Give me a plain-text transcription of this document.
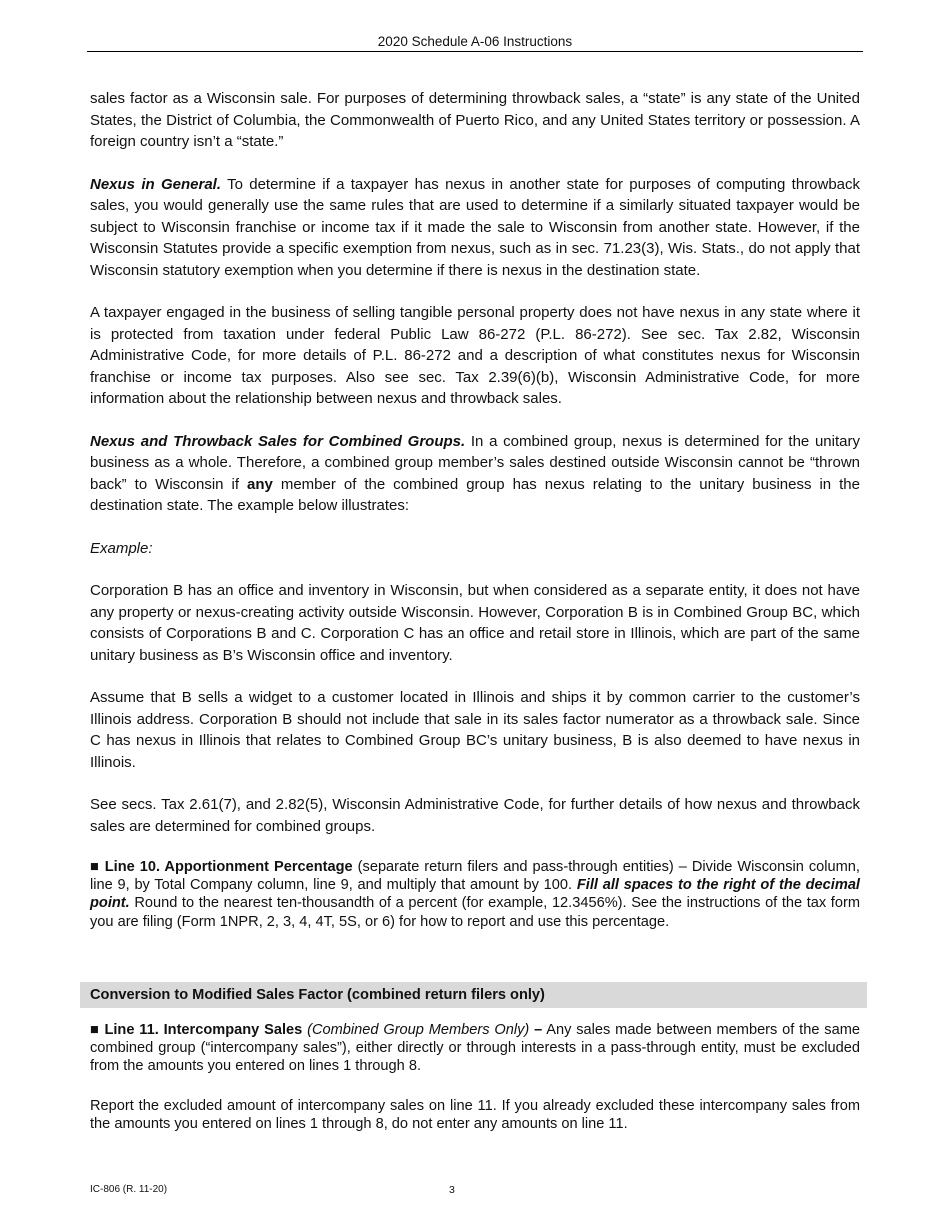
2020 Schedule A-06 Instructions

sales factor as a Wisconsin sale. For purposes of determining throwback sales, a “state” is any state of the United States, the District of Columbia, the Commonwealth of Puerto Rico, and any United States territory or possession. A foreign country isn’t a “state.”

Nexus in General. To determine if a taxpayer has nexus in another state for purposes of computing throwback sales, you would generally use the same rules that are used to determine if a similarly situated taxpayer would be subject to Wisconsin franchise or income tax if it made the sale to Wisconsin from another state. However, if the Wisconsin Statutes provide a specific exemption from nexus, such as in sec. 71.23(3), Wis. Stats., do not apply that Wisconsin statutory exemption when you determine if there is nexus in the destination state.

A taxpayer engaged in the business of selling tangible personal property does not have nexus in any state where it is protected from taxation under federal Public Law 86-272 (P.L. 86-272). See sec. Tax 2.82, Wisconsin Administrative Code, for more details of P.L. 86-272 and a description of what constitutes nexus for Wisconsin franchise or income tax purposes. Also see sec. Tax 2.39(6)(b), Wisconsin Administrative Code, for more information about the relationship between nexus and throwback sales.

Nexus and Throwback Sales for Combined Groups. In a combined group, nexus is determined for the unitary business as a whole. Therefore, a combined group member’s sales destined outside Wisconsin cannot be “thrown back” to Wisconsin if any member of the combined group has nexus relating to the unitary business in the destination state. The example below illustrates:

Example:

Corporation B has an office and inventory in Wisconsin, but when considered as a separate entity, it does not have any property or nexus-creating activity outside Wisconsin. However, Corporation B is in Combined Group BC, which consists of Corporations B and C. Corporation C has an office and retail store in Illinois, which are part of the same unitary business as B’s Wisconsin office and inventory.

Assume that B sells a widget to a customer located in Illinois and ships it by common carrier to the customer’s Illinois address. Corporation B should not include that sale in its sales factor numerator as a throwback sale. Since C has nexus in Illinois that relates to Combined Group BC’s unitary business, B is also deemed to have nexus in Illinois.

See secs. Tax 2.61(7), and 2.82(5), Wisconsin Administrative Code, for further details of how nexus and throwback sales are determined for combined groups.

■ Line 10. Apportionment Percentage (separate return filers and pass-through entities) – Divide Wisconsin column, line 9, by Total Company column, line 9, and multiply that amount by 100. Fill all spaces to the right of the decimal point. Round to the nearest ten-thousandth of a percent (for example, 12.3456%). See the instructions of the tax form you are filing (Form 1NPR, 2, 3, 4, 4T, 5S, or 6) for how to report and use this percentage.

Conversion to Modified Sales Factor (combined return filers only)

■ Line 11. Intercompany Sales (Combined Group Members Only) – Any sales made between members of the same combined group (“intercompany sales”), either directly or through interests in a pass-through entity, must be excluded from the amounts you entered on lines 1 through 8.

Report the excluded amount of intercompany sales on line 11. If you already excluded these intercompany sales from the amounts you entered on lines 1 through 8, do not enter any amounts on line 11.

IC-806 (R. 11-20)	3
